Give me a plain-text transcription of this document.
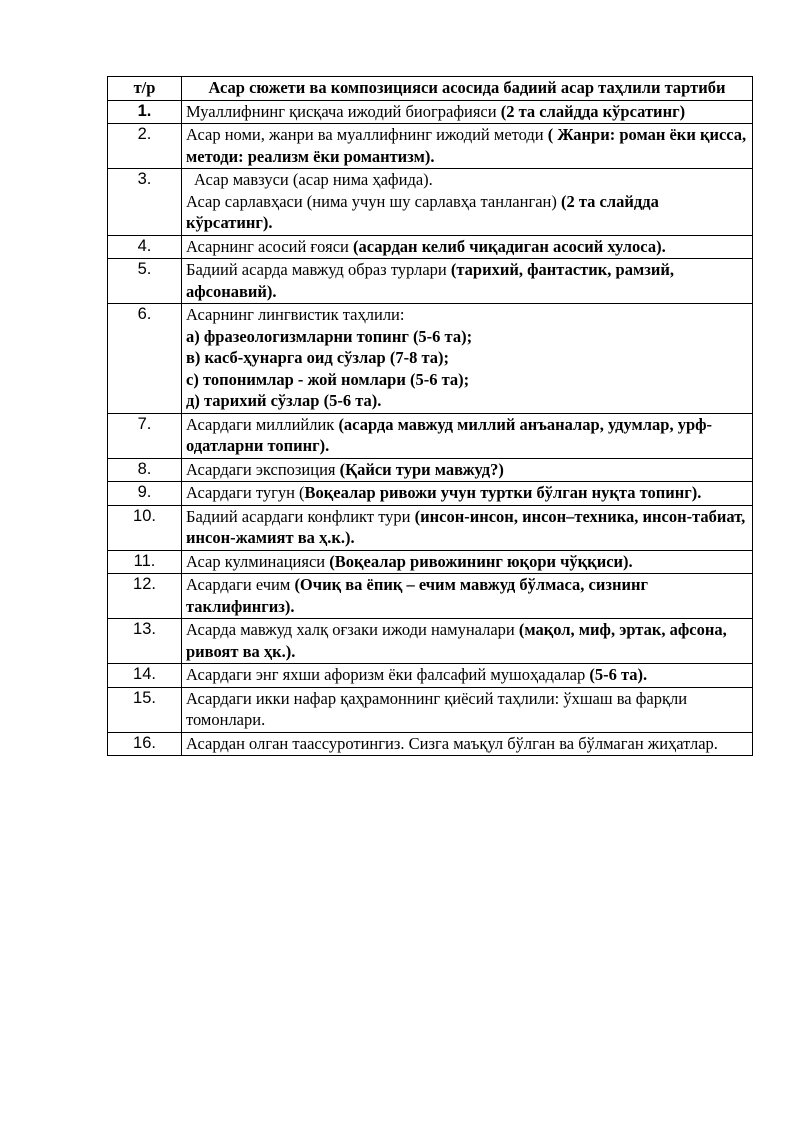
т/р	Асар сюжети ва композицияси асосида бадиий асар таҳлили тартиби
1.	Муаллифнинг қисқача ижодий биографияси (2 та слайдда кўрсатинг)
2.	Асар номи, жанри ва муаллифнинг ижодий методи ( Жанри: роман ёки қисса, методи: реализм ёки романтизм).
3.	Асар мавзуси (асар нима ҳафида).
Асар сарлавҳаси (нима учун шу сарлавҳа танланган) (2 та слайдда кўрсатинг).
4.	Асарнинг асосий ғояси (асардан келиб чиқадиган асосий хулоса).
5.	Бадиий асарда мавжуд образ турлари (тарихий, фантастик, рамзий, афсонавий).
6.	Асарнинг лингвистик таҳлили:
а) фразеологизмларни топинг (5-6 та);
в) касб-ҳунарга оид сўзлар (7-8 та);
с) топонимлар - жой номлари (5-6 та);
д) тарихий сўзлар (5-6 та).

7.	Асардаги миллийлик (асарда мавжуд миллий анъаналар, удумлар, урф-одатларни топинг).
8.	Асардаги экспозиция (Қайси тури мавжуд?)
9.	Асардаги тугун (Воқеалар ривожи учун туртки бўлган нуқта топинг).
10.	Бадиий асардаги конфликт тури (инсон-инсон, инсон–техника, инсон-табиат, инсон-жамият ва ҳ.к.).
11.	Асар кулминацияси (Воқеалар ривожининг юқори чўққиси).
12.	Асардаги ечим (Очиқ ва ёпиқ – ечим мавжуд бўлмаса, сизнинг таклифингиз).
13.	Асарда мавжуд халқ оғзаки ижоди намуналари (мақол, миф, эртак, афсона, ривоят ва ҳк.).
14.	Асардаги энг яхши афоризм ёки фалсафий мушоҳадалар (5-6 та).
15.	Асардаги икки нафар қаҳрамоннинг қиёсий таҳлили: ўхшаш ва фарқли томонлари.
16.	Асардан олган таассуротингиз. Сизга маъқул бўлган ва бўлмаган жиҳатлар.
